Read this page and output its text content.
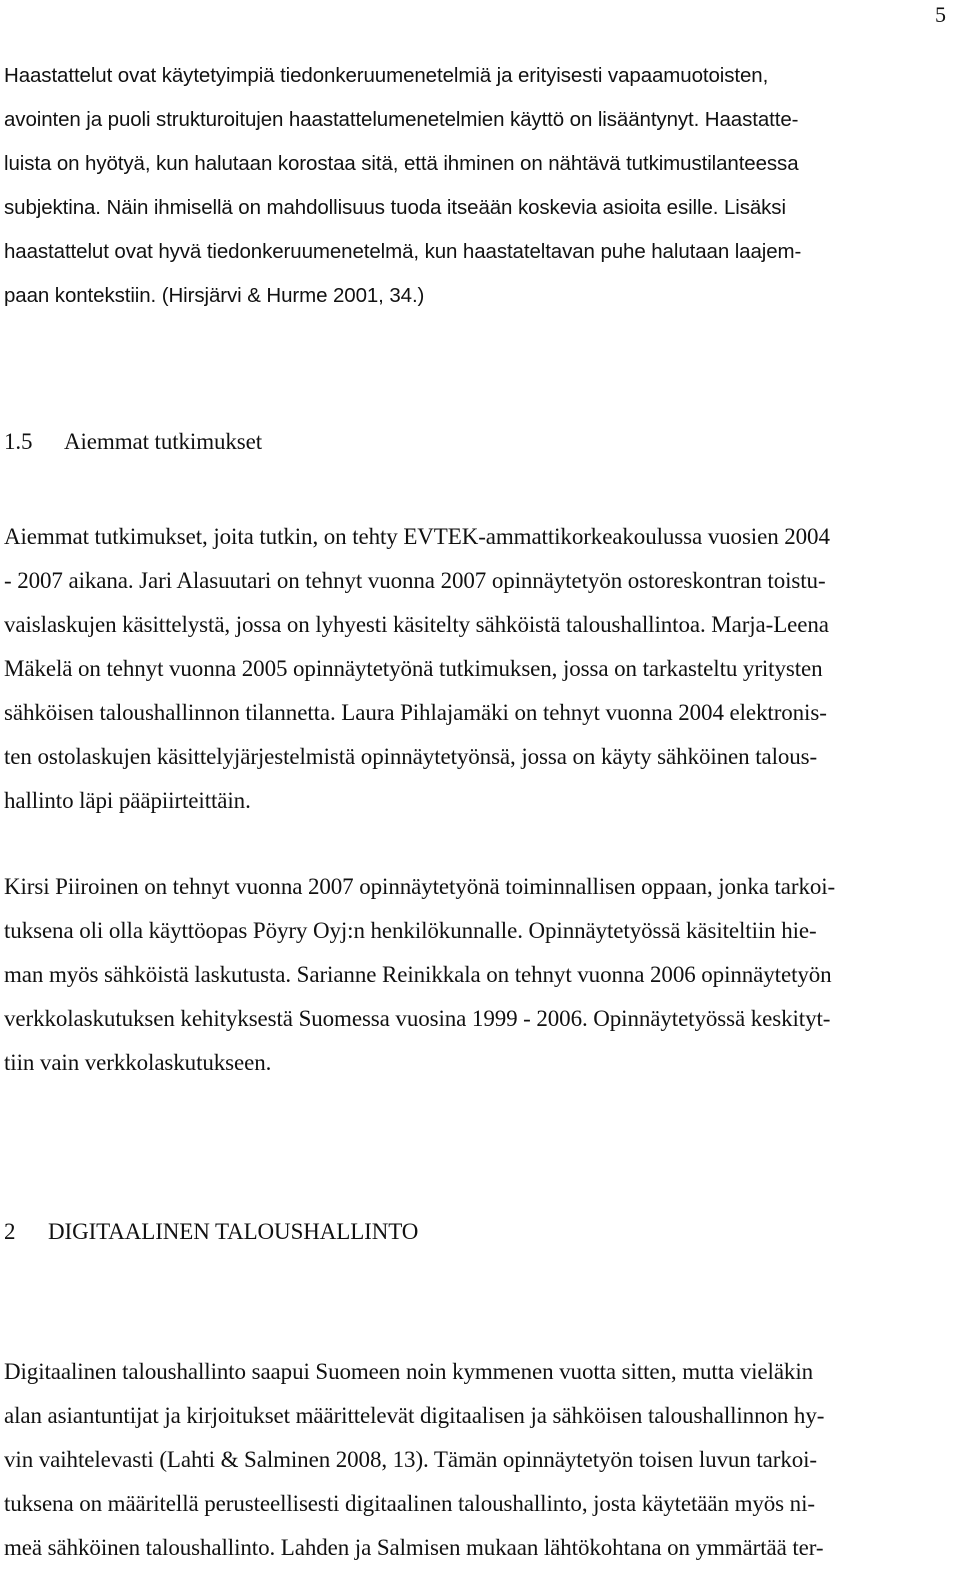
5

Haastattelut ovat käytetyimpiä tiedonkeruumenetelmiä ja erityisesti vapaamuotoisten,
avointen ja puoli strukturoitujen haastattelumenetelmien käyttö on lisääntynyt. Haastatte-
luista on hyötyä, kun halutaan korostaa sitä, että ihminen on nähtävä tutkimustilanteessa
subjektina. Näin ihmisellä on mahdollisuus tuoda itseään koskevia asioita esille. Lisäksi
haastattelut ovat hyvä tiedonkeruumenetelmä, kun haastateltavan puhe halutaan laajem-
paan kontekstiin. (Hirsjärvi & Hurme 2001, 34.)

1.5 Aiemmat tutkimukset

Aiemmat tutkimukset, joita tutkin, on tehty EVTEK-ammattikorkeakoulussa vuosien 2004
- 2007 aikana. Jari Alasuutari on tehnyt vuonna 2007 opinnäytetyön ostoreskontran toistu-
vaislaskujen käsittelystä, jossa on lyhyesti käsitelty sähköistä taloushallintoa. Marja-Leena
Mäkelä on tehnyt vuonna 2005 opinnäytetyönä tutkimuksen, jossa on tarkasteltu yritysten
sähköisen taloushallinnon tilannetta. Laura Pihlajamäki on tehnyt vuonna 2004 elektronis-
ten ostolaskujen käsittelyjärjestelmistä opinnäytetyönsä, jossa on käyty sähköinen talous-
hallinto läpi pääpiirteittäin.

Kirsi Piiroinen on tehnyt vuonna 2007 opinnäytetyönä toiminnallisen oppaan, jonka tarkoi-
tuksena oli olla käyttöopas Pöyry Oyj:n henkilökunnalle. Opinnäytetyössä käsiteltiin hie-
man myös sähköistä laskutusta. Sarianne Reinikkala on tehnyt vuonna 2006 opinnäytetyön
verkkolaskutuksen kehityksestä Suomessa vuosina 1999 - 2006. Opinnäytetyössä keskityt-
tiin vain verkkolaskutukseen.

2 DIGITAALINEN TALOUSHALLINTO

Digitaalinen taloushallinto saapui Suomeen noin kymmenen vuotta sitten, mutta vieläkin
alan asiantuntijat ja kirjoitukset määrittelevät digitaalisen ja sähköisen taloushallinnon hy-
vin vaihtelevasti (Lahti & Salminen 2008, 13). Tämän opinnäytetyön toisen luvun tarkoi-
tuksena on määritellä perusteellisesti digitaalinen taloushallinto, josta käytetään myös ni-
meä sähköinen taloushallinto. Lahden ja Salmisen mukaan lähtökohtana on ymmärtää ter-
